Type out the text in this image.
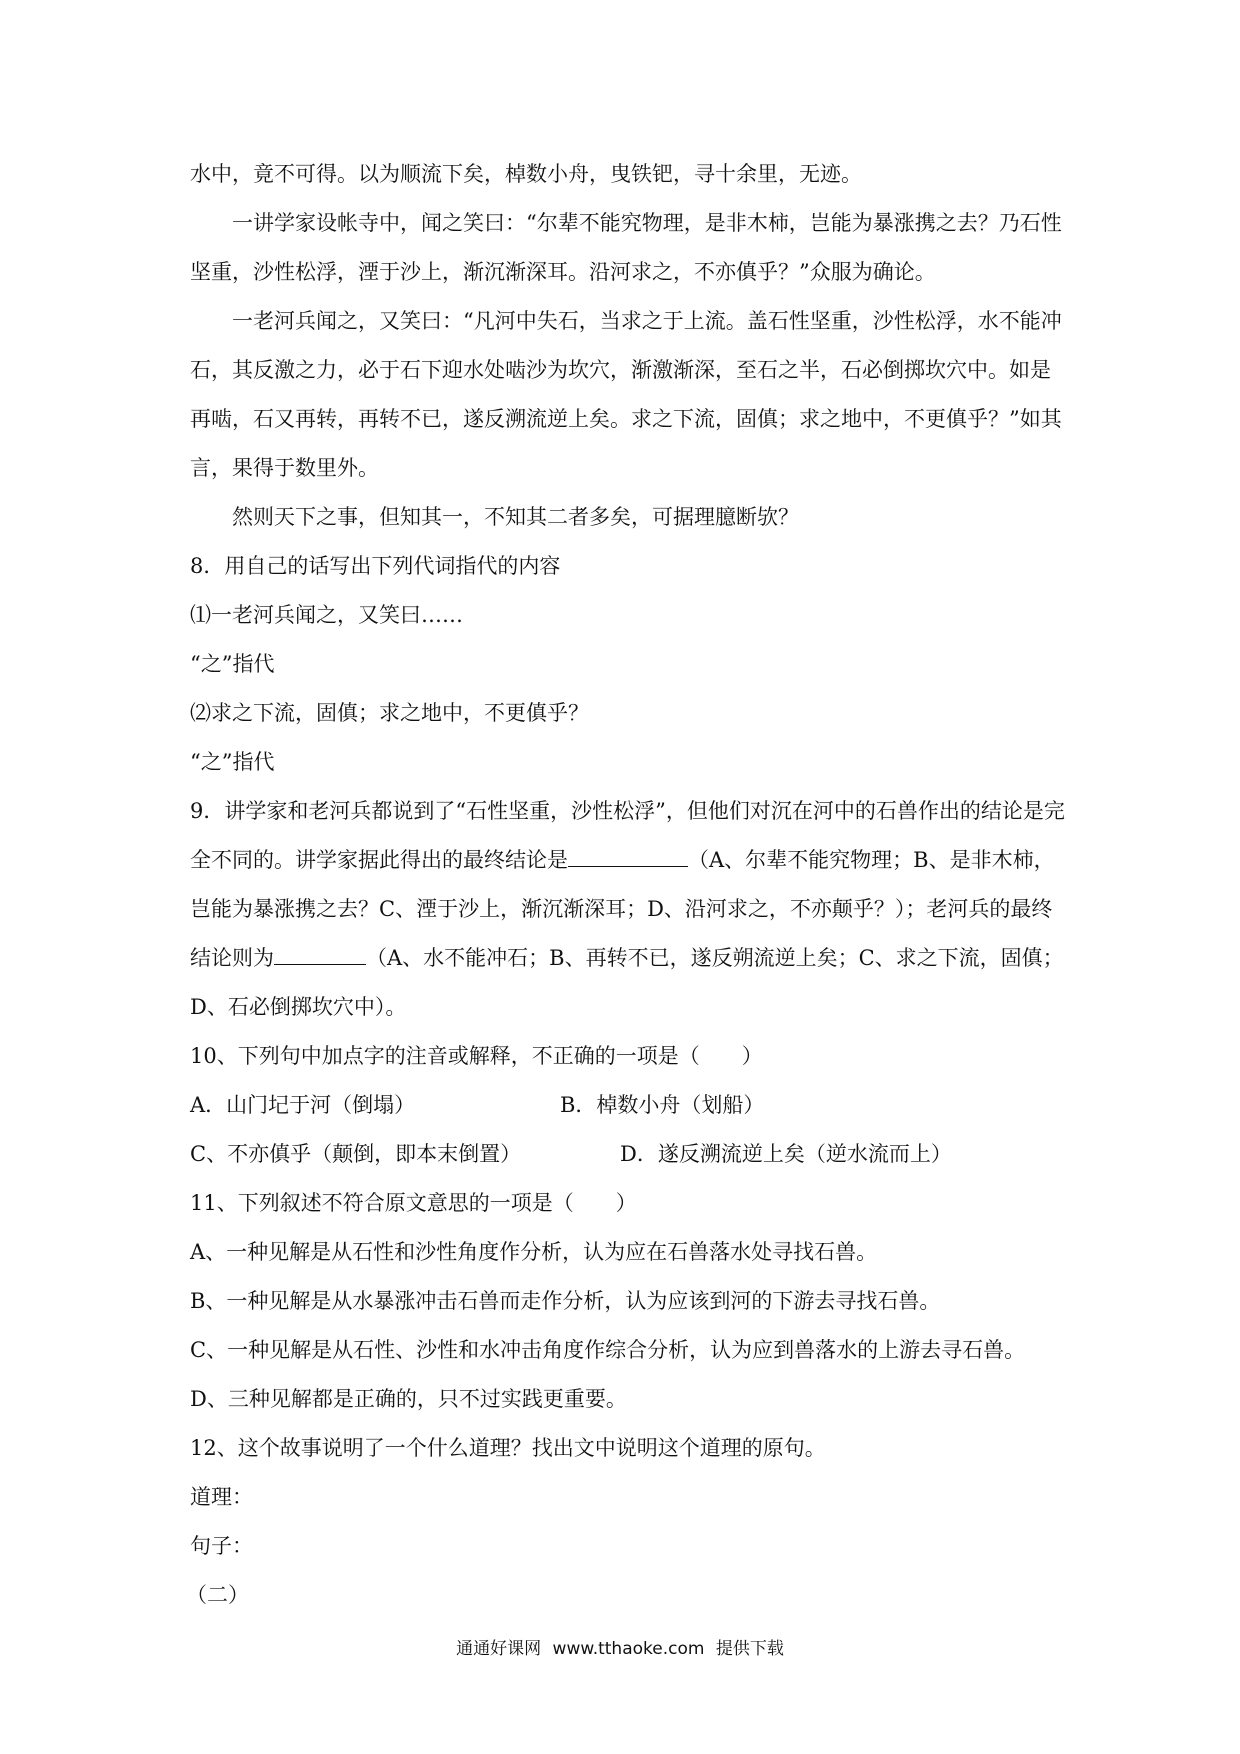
水中，竟不可得。以为顺流下矣，棹数小舟，曳铁钯，寻十余里，无迹。

一讲学家设帐寺中，闻之笑曰：“尔辈不能究物理，是非木柿，岂能为暴涨携之去？乃石性坚重，沙性松浮，湮于沙上，渐沉渐深耳。沿河求之，不亦傎乎？”众服为确论。

一老河兵闻之，又笑曰：“凡河中失石，当求之于上流。盖石性坚重，沙性松浮，水不能冲石，其反激之力，必于石下迎水处啮沙为坎穴，渐激渐深，至石之半，石必倒掷坎穴中。如是再啮，石又再转，再转不已，遂反溯流逆上矣。求之下流，固傎；求之地中，不更傎乎？”如其言，果得于数里外。

然则天下之事，但知其一，不知其二者多矣，可据理臆断欤？

8．用自己的话写出下列代词指代的内容

⑴一老河兵闻之，又笑曰……

“之”指代

⑵求之下流，固傎；求之地中，不更傎乎？

“之”指代

9．讲学家和老河兵都说到了“石性坚重，沙性松浮”，但他们对沉在河中的石兽作出的结论是完全不同的。讲学家据此得出的最终结论是	（A、尔辈不能究物理；B、是非木柿，岂能为暴涨携之去？C、湮于沙上，渐沉渐深耳；D、沿河求之，不亦颠乎？）；老河兵的最终结论则为	（A、水不能冲石；B、再转不已，遂反朔流逆上矣；C、求之下流，固傎；D、石必倒掷坎穴中）。

10、下列句中加点字的注音或解释，不正确的一项是（　　）

A．山门圮于河（倒塌）	B．棹数小舟（划船）
C、不亦傎乎（颠倒，即本末倒置）	D．遂反溯流逆上矣（逆水流而上）

11、下列叙述不符合原文意思的一项是（　　）

A、一种见解是从石性和沙性角度作分析，认为应在石兽落水处寻找石兽。

B、一种见解是从水暴涨冲击石兽而走作分析，认为应该到河的下游去寻找石兽。

C、一种见解是从石性、沙性和水冲击角度作综合分析，认为应到兽落水的上游去寻石兽。

D、三种见解都是正确的，只不过实践更重要。

12、这个故事说明了一个什么道理？找出文中说明这个道理的原句。

道理：

句子：

（二）

通通好课网 www.tthaoke.com 提供下载
